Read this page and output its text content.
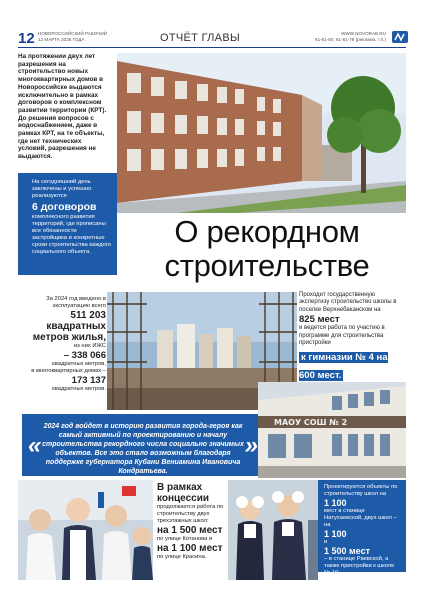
12 НОВОРОССИЙСКИЙ РАБОЧИЙ
12 МАРТА 2025 ГОДА	ОТЧЁТ ГЛАВЫ	WWW.NOVORAB.RU
61-61-80, 61-61-78 (реклама, т.п.)
На протяжении двух лет разрешения на строительство новых многоквартирных домов в Новороссийске выдаются исключительно в рамках договоров о комплексном развитии территории (КРТ). До решения вопросов с водоснабжением, даже в рамках КРТ, на те объекты, где нет технических условий, разрешения не выдаются.
На сегодняшний день заключены и успешно реализуются
6 договоров
комплексного развития территорий, где прописаны все обязанности застройщика и конкретные сроки строительства каждого социального объекта.
О рекордном
строительстве
За 2024 год введено в эксплуатацию всего
511 203 квадратных метров жилья,
из них ИЖС
– 338 066
квадратных метров,
в многоквартирных домах –
173 137
квадратных метров.
Проходит государственную экспертизу строительство школы в поселке Верхнебаканском на
825 мест
и ведется работа по участию в программе для строительства пристройки
к гимназии № 4 на 600 мест.
«
2024 год войдет в историю развития города-героя как самый активный по проектированию и началу строительства рекордного числа социально значимых объектов. Все это стало возможным благодаря поддержке губернатора Кубани Вениамина Ивановича Кондратьева.
»
МАОУ СОШ № 2
В рамках концессии
продолжается работа по строительству двух трехэтажных школ:
на 1 500 мест
по улице Котанова и
на 1 100 мест
по улице Красина.
Проектируются объекты по строительству школ на
1 100
мест в станице Натухаевской, двух школ – на
1 100
и
1 500 мест
– в станице Раевской, а также пристройки к школе № 10
на 400 мест.
